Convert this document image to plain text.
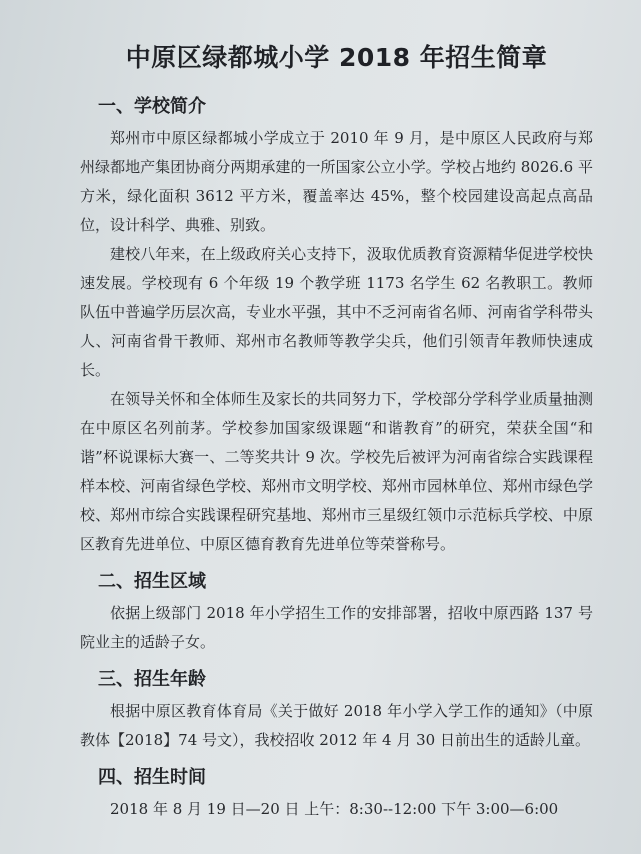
中原区绿都城小学 2018 年招生简章
一、学校简介

郑州市中原区绿都城小学成立于 2010 年 9 月，是中原区人民政府与郑州绿都地产集团协商分两期承建的一所国家公立小学。学校占地约 8026.6 平方米，绿化面积 3612 平方米，覆盖率达 45%，整个校园建设高起点高品位，设计科学、典雅、别致。

建校八年来，在上级政府关心支持下，汲取优质教育资源精华促进学校快速发展。学校现有 6 个年级 19 个教学班 1173 名学生 62 名教职工。教师队伍中普遍学历层次高，专业水平强，其中不乏河南省名师、河南省学科带头人、河南省骨干教师、郑州市名教师等教学尖兵，他们引领青年教师快速成长。

在领导关怀和全体师生及家长的共同努力下，学校部分学科学业质量抽测在中原区名列前茅。学校参加国家级课题“和谐教育”的研究，荣获全国“和谐”杯说课标大赛一、二等奖共计 9 次。学校先后被评为河南省综合实践课程样本校、河南省绿色学校、郑州市文明学校、郑州市园林单位、郑州市绿色学校、郑州市综合实践课程研究基地、郑州市三星级红领巾示范标兵学校、中原区教育先进单位、中原区德育教育先进单位等荣誉称号。

二、招生区域

依据上级部门 2018 年小学招生工作的安排部署，招收中原西路 137 号院业主的适龄子女。

三、招生年龄

根据中原区教育体育局《关于做好 2018 年小学入学工作的通知》（中原教体【2018】74 号文），我校招收 2012 年 4 月 30 日前出生的适龄儿童。

四、招生时间

2018 年 8 月 19 日—20 日 上午：8:30--12:00 下午 3:00—6:00
